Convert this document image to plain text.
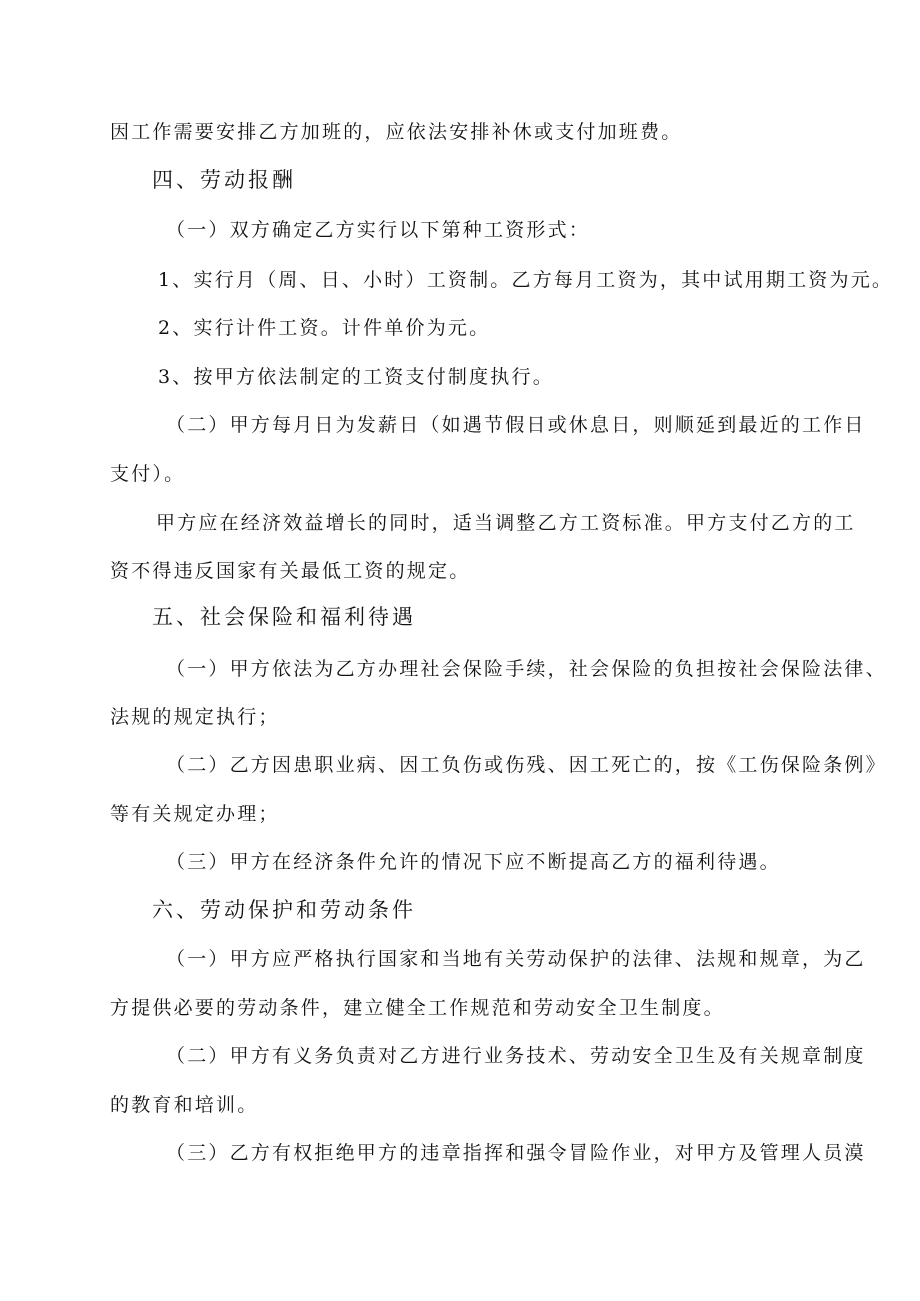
因工作需要安排乙方加班的，应依法安排补休或支付加班费。
四、劳动报酬
（一）双方确定乙方实行以下第种工资形式：
1、实行月（周、日、小时）工资制。乙方每月工资为，其中试用期工资为元。
2、实行计件工资。计件单价为元。
3、按甲方依法制定的工资支付制度执行。
（二）甲方每月日为发薪日（如遇节假日或休息日，则顺延到最近的工作日
支付）。
甲方应在经济效益增长的同时，适当调整乙方工资标准。甲方支付乙方的工
资不得违反国家有关最低工资的规定。
五、社会保险和福利待遇
（一）甲方依法为乙方办理社会保险手续，社会保险的负担按社会保险法律、
法规的规定执行；
（二）乙方因患职业病、因工负伤或伤残、因工死亡的，按《工伤保险条例》
等有关规定办理；
（三）甲方在经济条件允许的情况下应不断提高乙方的福利待遇。
六、劳动保护和劳动条件
（一）甲方应严格执行国家和当地有关劳动保护的法律、法规和规章，为乙
方提供必要的劳动条件，建立健全工作规范和劳动安全卫生制度。
（二）甲方有义务负责对乙方进行业务技术、劳动安全卫生及有关规章制度
的教育和培训。
（三）乙方有权拒绝甲方的违章指挥和强令冒险作业，对甲方及管理人员漠
